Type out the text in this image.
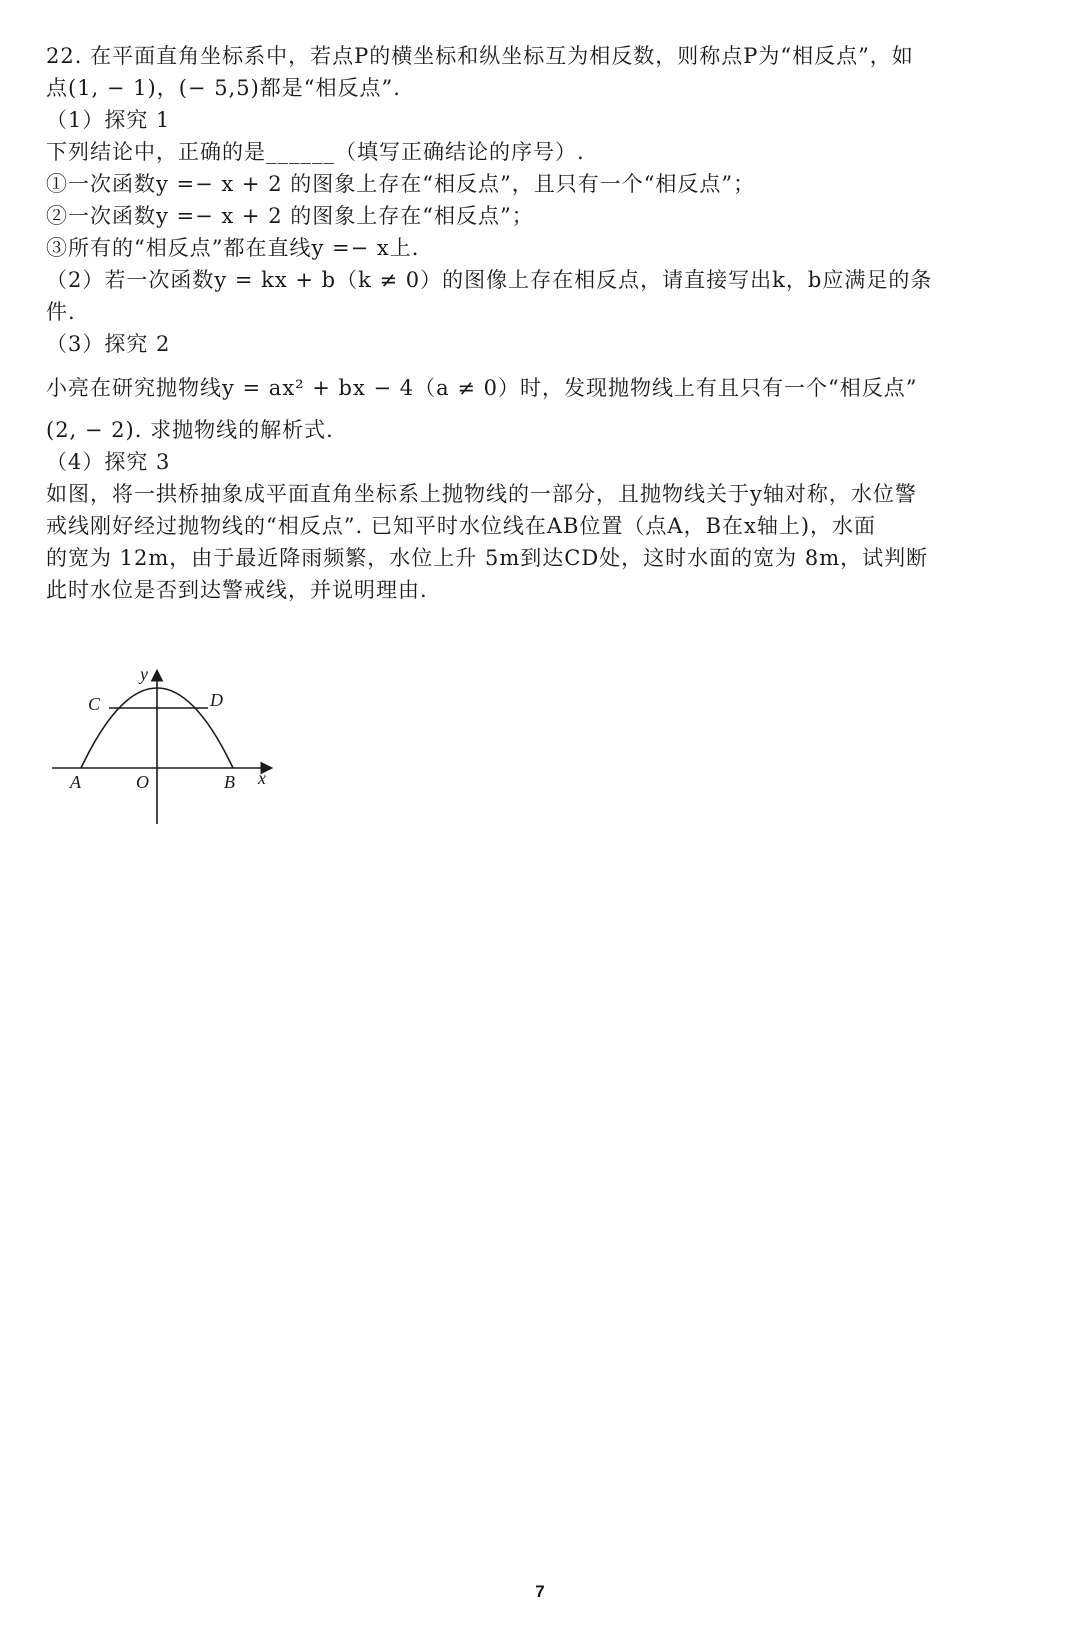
22. 在平面直角坐标系中，若点P的横坐标和纵坐标互为相反数，则称点P为“相反点”，如
点(1, − 1)，(− 5,5)都是“相反点”.
（1）探究 1
下列结论中，正确的是______（填写正确结论的序号）.
①一次函数y =− x + 2 的图象上存在“相反点”，且只有一个“相反点”；
②一次函数y =− x + 2 的图象上存在“相反点”；
③所有的“相反点”都在直线y =− x上.
（2）若一次函数y = kx + b（k ≠ 0）的图像上存在相反点，请直接写出k，b应满足的条
件.
（3）探究 2
小亮在研究抛物线y = ax² + bx − 4（a ≠ 0）时，发现抛物线上有且只有一个“相反点”
(2, − 2). 求抛物线的解析式.
（4）探究 3
如图，将一拱桥抽象成平面直角坐标系上抛物线的一部分，且抛物线关于y轴对称，水位警
戒线刚好经过抛物线的“相反点”. 已知平时水位线在AB位置（点A，B在x轴上)，水面
的宽为 12m，由于最近降雨频繁，水位上升 5m到达CD处，这时水面的宽为 8m，试判断
此时水位是否到达警戒线，并说明理由.
y
x
O
A	B
C	D
7
